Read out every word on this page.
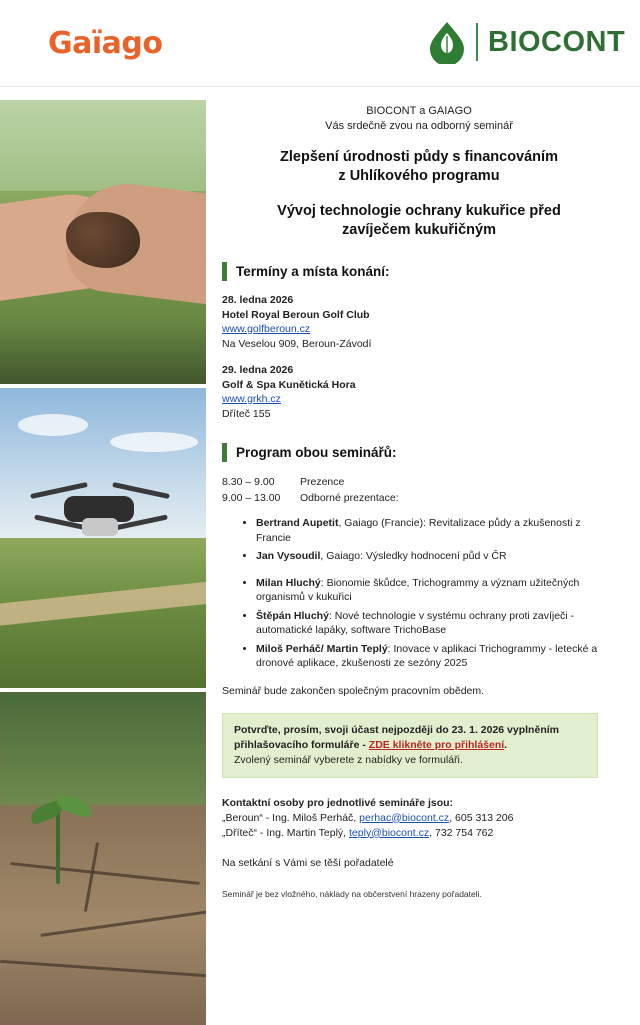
Gaïago	BIOCONT
BIOCONT a GAIAGO
Vás srdečně zvou na odborný seminář
Zlepšení úrodnosti půdy s financováním
z Uhlíkového programu
Vývoj technologie ochrany kukuřice před
zavíječem kukuřičným
Termíny a místa konání:
28. ledna 2026
Hotel Royal Beroun Golf Club
www.golfberoun.cz
Na Veselou 909, Beroun-Závodí
29. ledna 2026
Golf & Spa Kunětická Hora
www.grkh.cz
Dříteč 155
Program obou seminářů:
8.30 – 9.00 Prezence
9.00 – 13.00 Odborné prezentace:
• Bertrand Aupetit, Gaiago (Francie): Revitalizace půdy a zkušenosti z Francie
• Jan Vysoudil, Gaiago: Výsledky hodnocení půd v ČR
• Milan Hluchý: Bionomie škůdce, Trichogrammy a význam užitečných organismů v kukuřici
• Štěpán Hluchý: Nové technologie v systému ochrany proti zavíječi - automatické lapáky, software TrichoBase
• Miloš Perháč/ Martin Teplý: Inovace v aplikaci Trichogrammy - letecké a dronové aplikace, zkušenosti ze sezóny 2025
Seminář bude zakončen společným pracovním obědem.
Potvrďte, prosím, svoji účast nejpozději do 23. 1. 2026 vyplněním přihlašovacího formuláře - ZDE klikněte pro přihlášení.
Zvolený seminář vyberete z nabídky ve formuláři.
Kontaktní osoby pro jednotlivé semináře jsou:
„Beroun“ - Ing. Miloš Perháč, perhac@biocont.cz, 605 313 206
„Dříteč“ - Ing. Martin Teplý, teply@biocont.cz, 732 754 762
Na setkání s Vámi se těší pořadatelé
Seminář je bez vložného, náklady na občerstvení hrazeny pořadateli.
